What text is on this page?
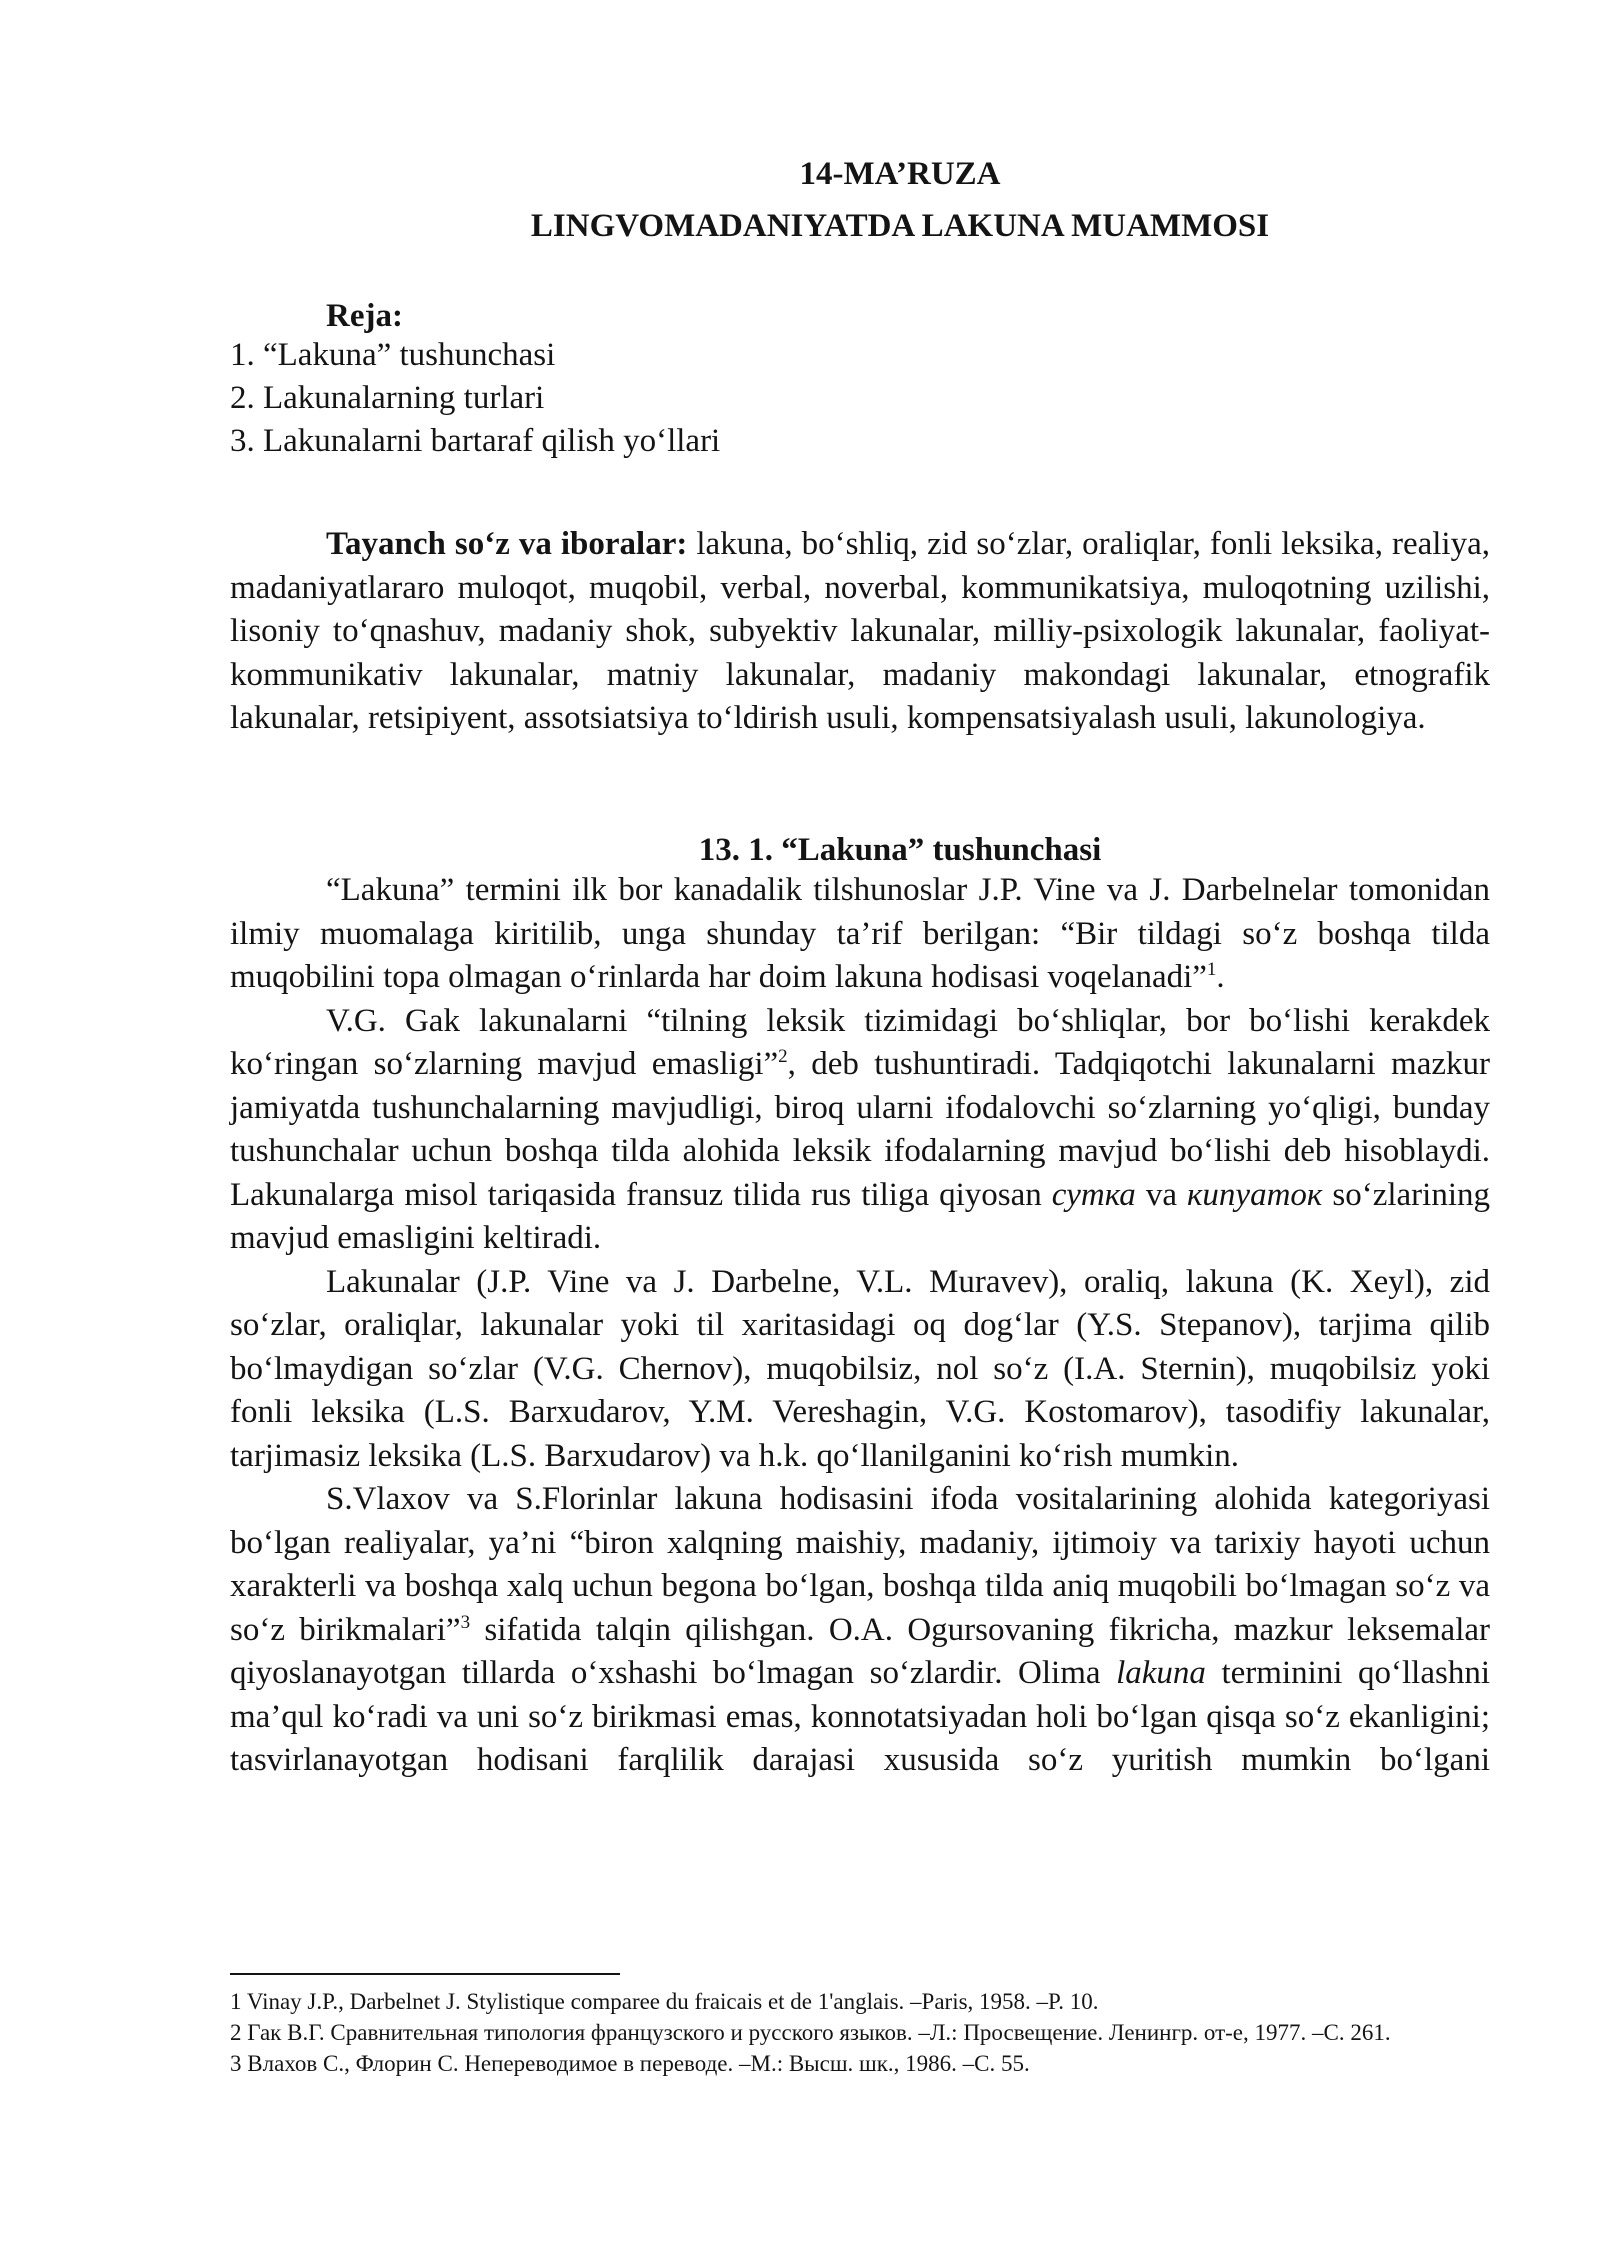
14-MA’RUZA
LINGVOMADANIYATDA LAKUNA MUAMMOSI
Reja:
1. “Lakuna” tushunchasi
2. Lakunalarning turlari
3. Lakunalarni bartaraf qilish yo‘llari
Tayanch so‘z va iboralar: lakuna, bo‘shliq, zid so‘zlar, oraliqlar, fonli leksika, realiya, madaniyatlararo muloqot, muqobil, verbal, noverbal, kommunikatsiya, muloqotning uzilishi, lisoniy to‘qnashuv, madaniy shok, subyektiv lakunalar, milliy-psixologik lakunalar, faoliyat-kommunikativ lakunalar, matniy lakunalar, madaniy makondagi lakunalar, etnografik lakunalar, retsipiyent, assotsiatsiya to‘ldirish usuli, kompensatsiyalash usuli, lakunologiya.
13. 1. “Lakuna” tushunchasi

“Lakuna” termini ilk bor kanadalik tilshunoslar J.P. Vine va J. Darbelnelar tomonidan ilmiy muomalaga kiritilib, unga shunday ta’rif berilgan: “Bir tildagi so‘z boshqa tilda muqobilini topa olmagan o‘rinlarda har doim lakuna hodisasi voqelanadi”$^1$.

V.G. Gak lakunalarni “tilning leksik tizimidagi bo‘shliqlar, bor bo‘lishi kerakdek ko‘ringan so‘zlarning mavjud emasligi”$^2$, deb tushuntiradi. Tadqiqotchi lakunalarni mazkur jamiyatda tushunchalarning mavjudligi, biroq ularni ifodalovchi so‘zlarning yo‘qligi, bunday tushunchalar uchun boshqa tilda alohida leksik ifodalarning mavjud bo‘lishi deb hisoblaydi. Lakunalarga misol tariqasida fransuz tilida rus tiliga qiyosan сутка va кипуаток so‘zlarining mavjud emasligini keltiradi.

Lakunalar (J.P. Vine va J. Darbelne, V.L. Muravev), oraliq, lakuna (K. Xeyl), zid so‘zlar, oraliqlar, lakunalar yoki til xaritasidagi oq dog‘lar (Y.S. Stepanov), tarjima qilib bo‘lmaydigan so‘zlar (V.G. Chernov), muqobilsiz, nol so‘z (I.A. Sternin), muqobilsiz yoki fonli leksika (L.S. Barxudarov, Y.M. Vereshagin, V.G. Kostomarov), tasodifiy lakunalar, tarjimasiz leksika (L.S. Barxudarov) va h.k. qo‘llanilganini ko‘rish mumkin.

S.Vlaxov va S.Florinlar lakuna hodisasini ifoda vositalarining alohida kategoriyasi bo‘lgan realiyalar, ya’ni “biron xalqning maishiy, madaniy, ijtimoiy va tarixiy hayoti uchun xarakterli va boshqa xalq uchun begona bo‘lgan, boshqa tilda aniq muqobili bo‘lmagan so‘z va so‘z birikmalari”$^3$ sifatida talqin qilishgan. O.A. Ogursovaning fikricha, mazkur leksemalar qiyoslanayotgan tillarda o‘xshashi bo‘lmagan so‘zlardir. Olima lakuna terminini qo‘llashni ma’qul ko‘radi va uni so‘z birikmasi emas, konnotatsiyadan holi bo‘lgan qisqa so‘z ekanligini; tasvirlanayotgan hodisani farqlilik darajasi xususida so‘z yuritish mumkin bo‘lgani

1 Vinay J.P., Darbelnet J. Stylistique comparee du fraicais et de 1'anglais. –Paris, 1958. –P. 10.
2 Гак В.Г. Сравнительная типология французского и русского языков. –Л.: Просвещение. Ленингр. от-е, 1977. –С. 261.
3 Влахов С., Флорин С. Непереводимое в переводе. –М.: Высш. шк., 1986. –С. 55.
